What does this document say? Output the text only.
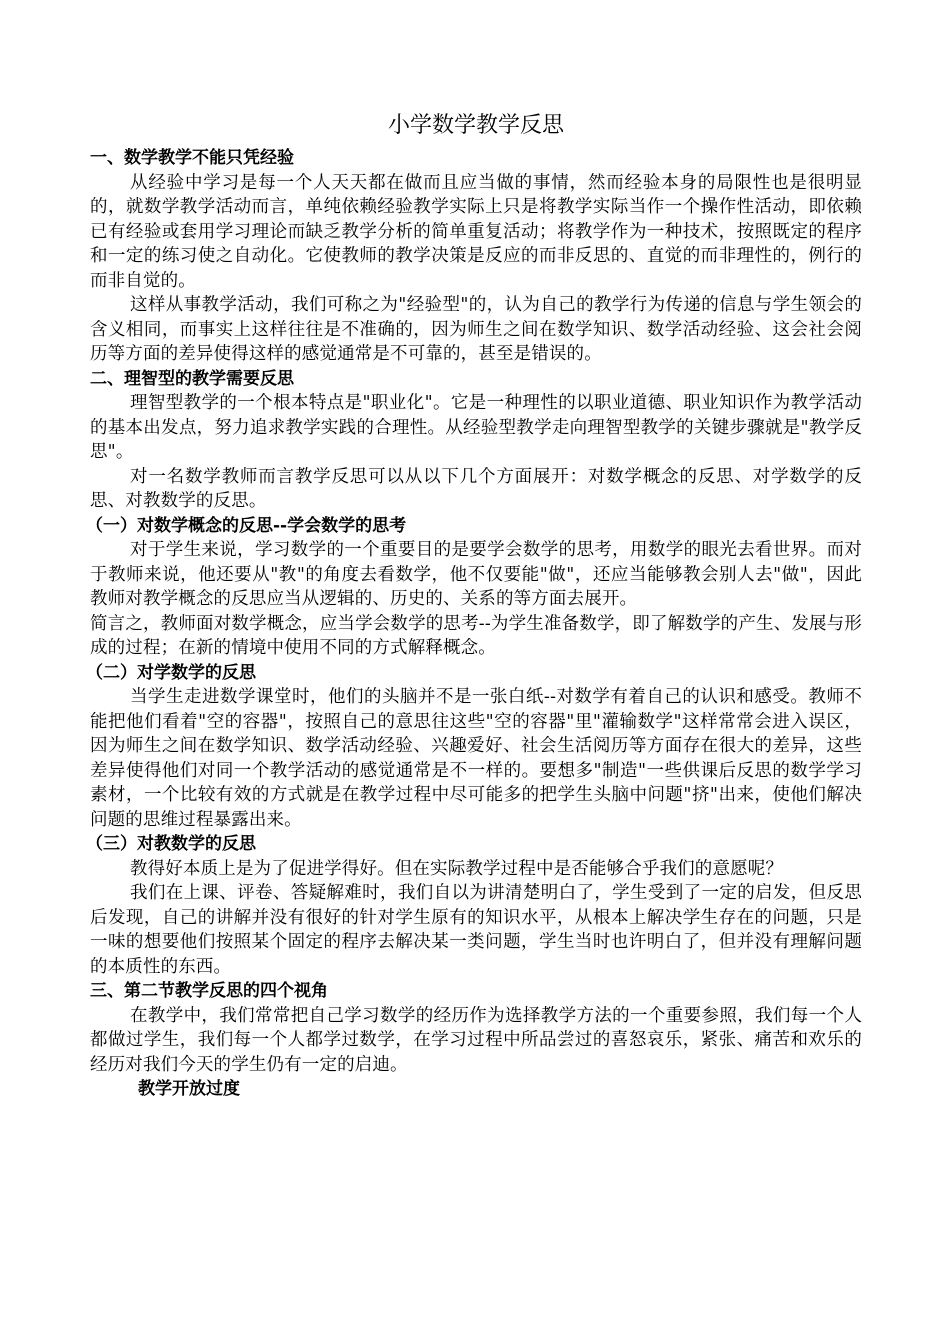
小学数学教学反思
一、数学教学不能只凭经验

从经验中学习是每一个人天天都在做而且应当做的事情，然而经验本身的局限性也是很明显的，就数学教学活动而言，单纯依赖经验教学实际上只是将教学实际当作一个操作性活动，即依赖已有经验或套用学习理论而缺乏教学分析的简单重复活动；将教学作为一种技术，按照既定的程序和一定的练习使之自动化。它使教师的教学决策是反应的而非反思的、直觉的而非理性的，例行的而非自觉的。

这样从事教学活动，我们可称之为"经验型"的，认为自己的教学行为传递的信息与学生领会的含义相同，而事实上这样往往是不准确的，因为师生之间在数学知识、数学活动经验、这会社会阅历等方面的差异使得这样的感觉通常是不可靠的，甚至是错误的。

二、理智型的教学需要反思

理智型教学的一个根本特点是"职业化"。它是一种理性的以职业道德、职业知识作为教学活动的基本出发点，努力追求教学实践的合理性。从经验型教学走向理智型教学的关键步骤就是"教学反思"。

对一名数学教师而言教学反思可以从以下几个方面展开：对数学概念的反思、对学数学的反思、对教数学的反思。

（一）对数学概念的反思--学会数学的思考

对于学生来说，学习数学的一个重要目的是要学会数学的思考，用数学的眼光去看世界。而对于教师来说，他还要从"教"的角度去看数学，他不仅要能"做"，还应当能够教会别人去"做"，因此教师对教学概念的反思应当从逻辑的、历史的、关系的等方面去展开。

简言之，教师面对数学概念，应当学会数学的思考--为学生准备数学，即了解数学的产生、发展与形成的过程；在新的情境中使用不同的方式解释概念。

（二）对学数学的反思

当学生走进数学课堂时，他们的头脑并不是一张白纸--对数学有着自己的认识和感受。教师不能把他们看着"空的容器"，按照自己的意思往这些"空的容器"里"灌输数学"这样常常会进入误区，因为师生之间在数学知识、数学活动经验、兴趣爱好、社会生活阅历等方面存在很大的差异，这些差异使得他们对同一个教学活动的感觉通常是不一样的。要想多"制造"一些供课后反思的数学学习素材，一个比较有效的方式就是在教学过程中尽可能多的把学生头脑中问题"挤"出来，使他们解决问题的思维过程暴露出来。

（三）对教数学的反思

教得好本质上是为了促进学得好。但在实际教学过程中是否能够合乎我们的意愿呢？

我们在上课、评卷、答疑解难时，我们自以为讲清楚明白了，学生受到了一定的启发，但反思后发现，自己的讲解并没有很好的针对学生原有的知识水平，从根本上解决学生存在的问题，只是一味的想要他们按照某个固定的程序去解决某一类问题，学生当时也许明白了，但并没有理解问题的本质性的东西。

三、第二节教学反思的四个视角

在教学中，我们常常把自己学习数学的经历作为选择教学方法的一个重要参照，我们每一个人都做过学生，我们每一个人都学过数学，在学习过程中所品尝过的喜怒哀乐，紧张、痛苦和欢乐的经历对我们今天的学生仍有一定的启迪。

教学开放过度
